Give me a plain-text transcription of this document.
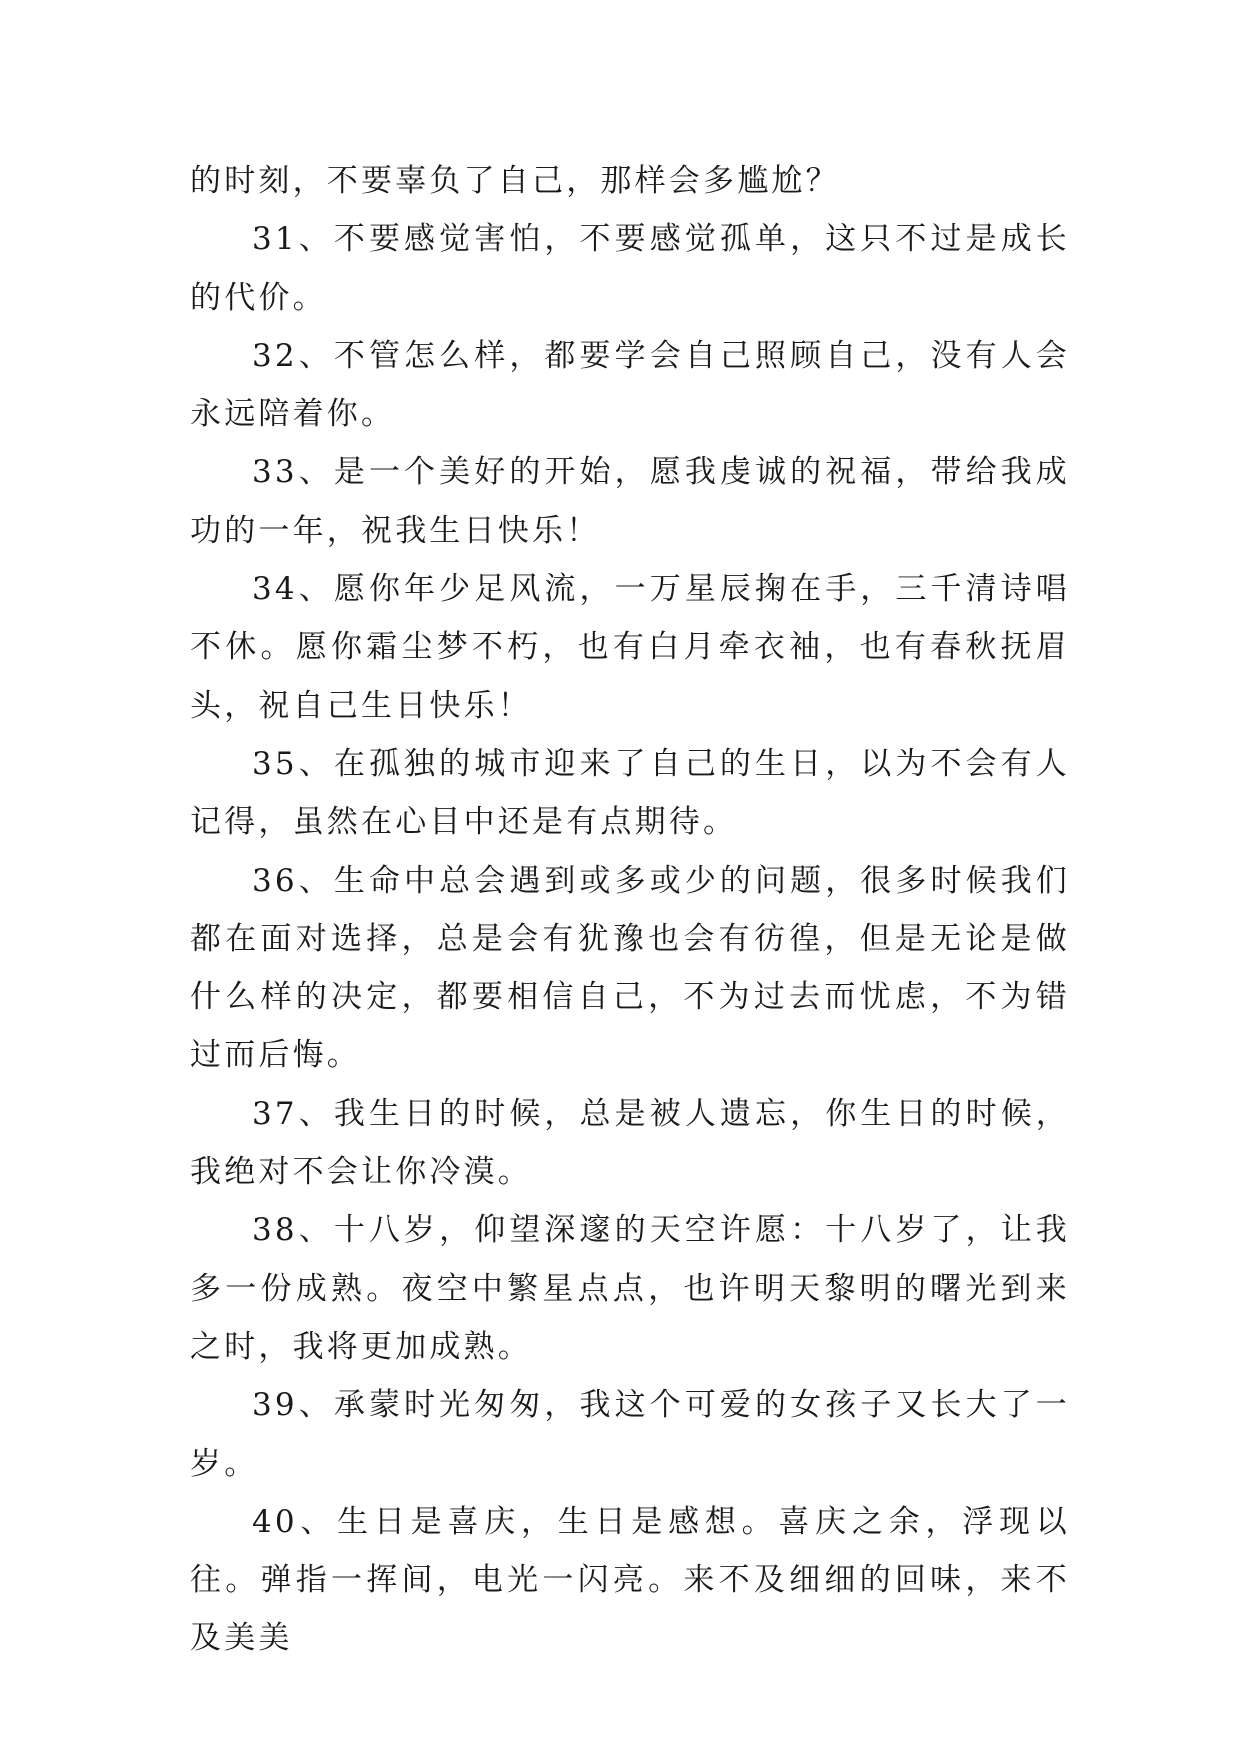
的时刻，不要辜负了自己，那样会多尴尬？

31、不要感觉害怕，不要感觉孤单，这只不过是成长的代价。

32、不管怎么样，都要学会自己照顾自己，没有人会永远陪着你。

33、是一个美好的开始，愿我虔诚的祝福，带给我成功的一年，祝我生日快乐！

34、愿你年少足风流，一万星辰掬在手，三千清诗唱不休。愿你霜尘梦不朽，也有白月牵衣袖，也有春秋抚眉头，祝自己生日快乐！

35、在孤独的城市迎来了自己的生日，以为不会有人记得，虽然在心目中还是有点期待。

36、生命中总会遇到或多或少的问题，很多时候我们都在面对选择，总是会有犹豫也会有彷徨，但是无论是做什么样的决定，都要相信自己，不为过去而忧虑，不为错过而后悔。

37、我生日的时候，总是被人遗忘，你生日的时候，我绝对不会让你冷漠。

38、十八岁，仰望深邃的天空许愿：十八岁了，让我多一份成熟。夜空中繁星点点，也许明天黎明的曙光到来之时，我将更加成熟。

39、承蒙时光匆匆，我这个可爱的女孩子又长大了一岁。

40、生日是喜庆，生日是感想。喜庆之余，浮现以往。弹指一挥间，电光一闪亮。来不及细细的回味，来不及美美
